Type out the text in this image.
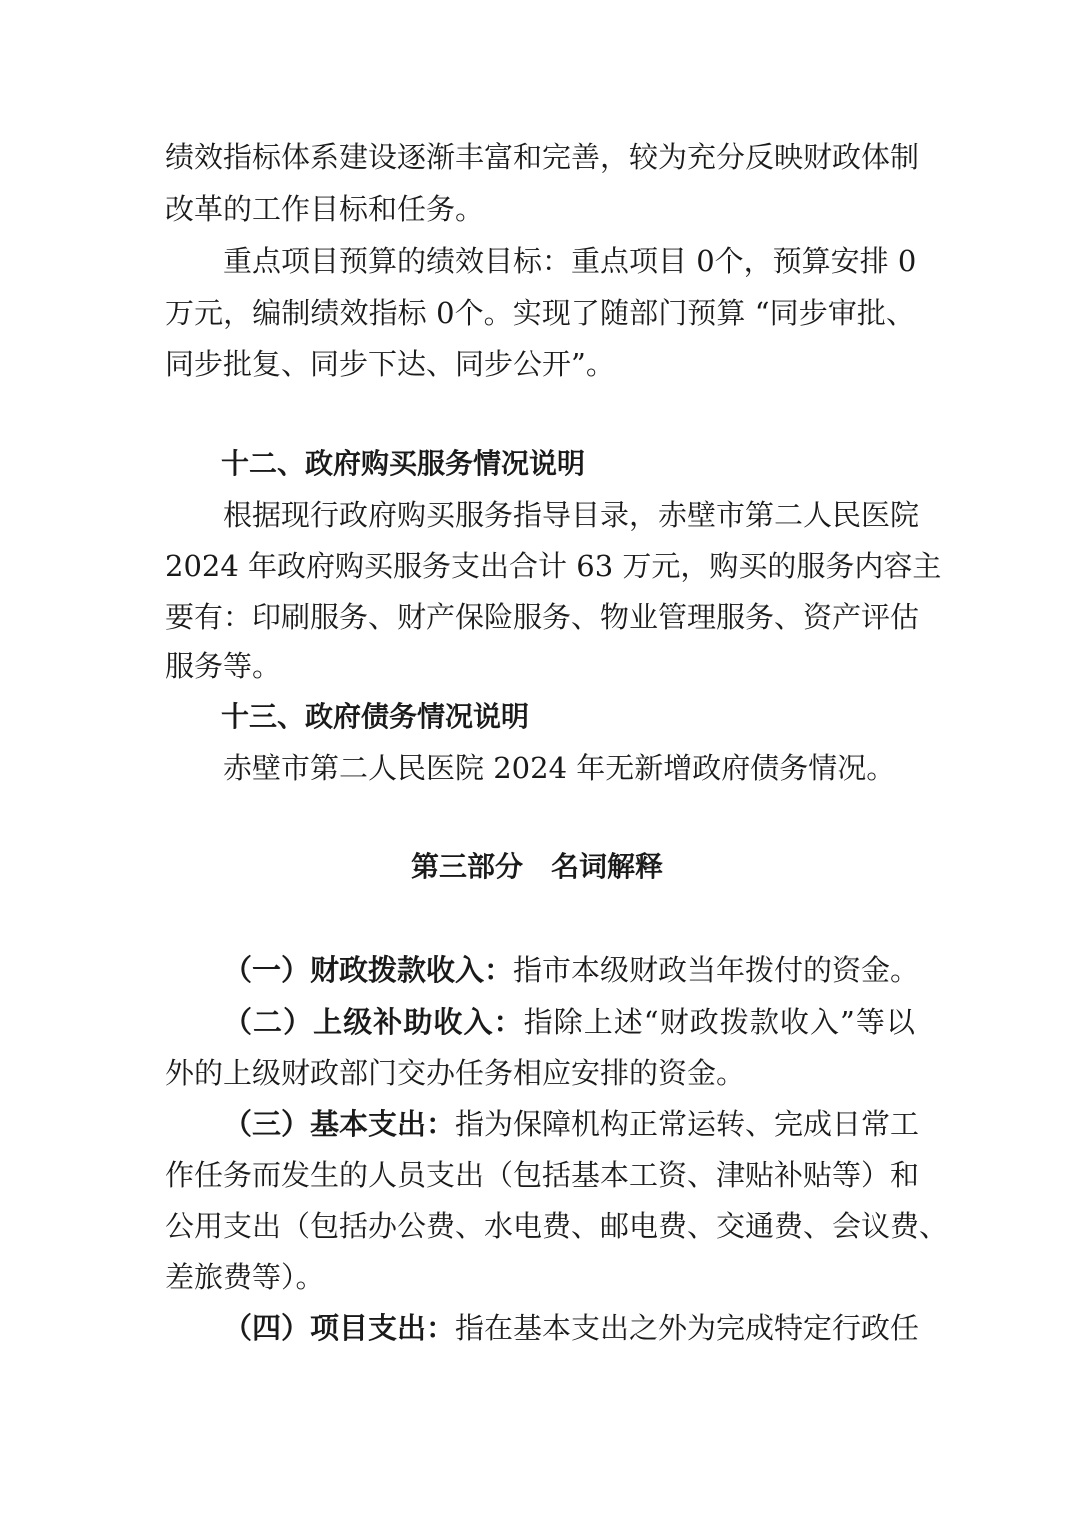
绩效指标体系建设逐渐丰富和完善，较为充分反映财政体制
改革的工作目标和任务。
重点项目预算的绩效目标：重点项目 0个，预算安排 0
万元，编制绩效指标 0个。实现了随部门预算 “同步审批、
同步批复、同步下达、同步公开”。
十二、政府购买服务情况说明
根据现行政府购买服务指导目录，赤壁市第二人民医院
2024 年政府购买服务支出合计 63 万元，购买的服务内容主
要有：印刷服务、财产保险服务、物业管理服务、资产评估
服务等。
十三、政府债务情况说明
赤壁市第二人民医院 2024 年无新增政府债务情况。
第三部分　名词解释
（一）财政拨款收入：指市本级财政当年拨付的资金。
（二）上级补助收入：指除上述“财政拨款收入”等以
外的上级财政部门交办任务相应安排的资金。
（三）基本支出：指为保障机构正常运转、完成日常工
作任务而发生的人员支出（包括基本工资、津贴补贴等）和
公用支出（包括办公费、水电费、邮电费、交通费、会议费、
差旅费等）。
（四）项目支出：指在基本支出之外为完成特定行政任
